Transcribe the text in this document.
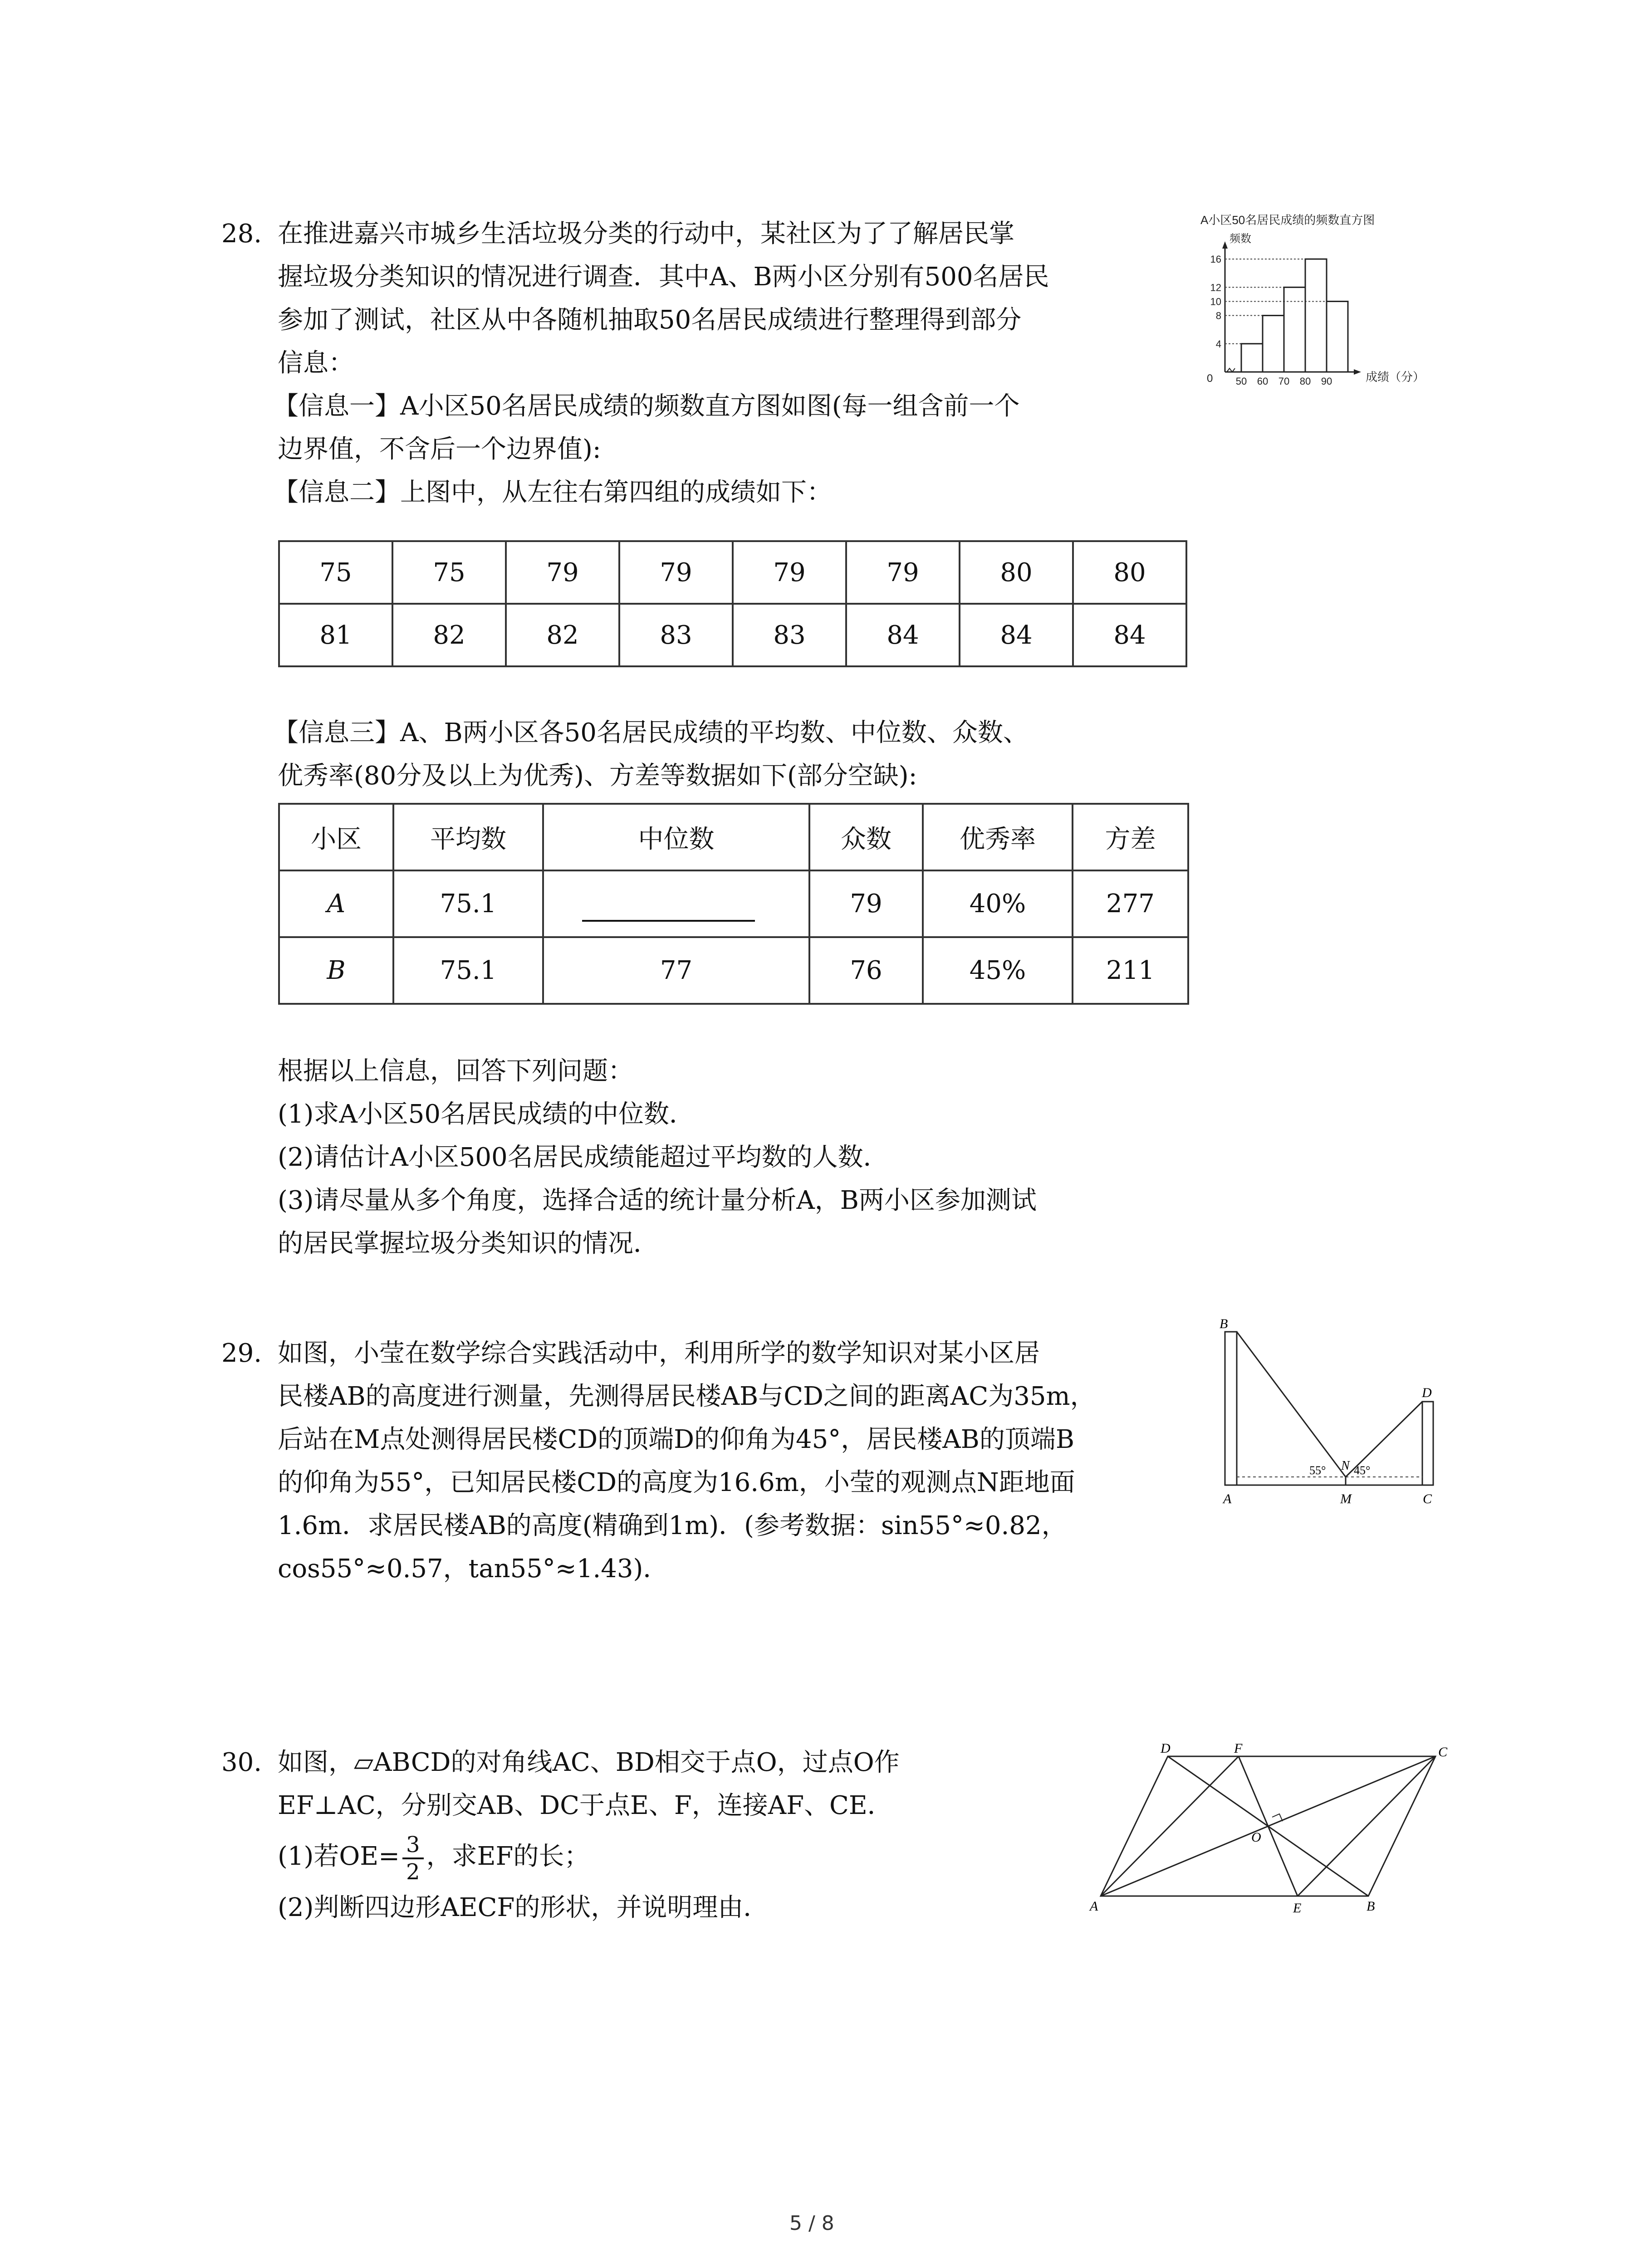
28. 在推进嘉兴市城乡生活垃圾分类的行动中，某社区为了了解居民掌
握垃圾分类知识的情况进行调查．其中A、B两小区分别有500名居民
参加了测试，社区从中各随机抽取50名居民成绩进行整理得到部分
信息：
【信息一】A小区50名居民成绩的频数直方图如图(每一组含前一个
边界值，不含后一个边界值):
【信息二】上图中，从左往右第四组的成绩如下：
A小区50名居民成绩的频数直方图
频数
成绩（分）
0
4
8
10
12
16
50 60 70 80 90
75	75	79	79	79	79	80	80
81	82	82	83	83	84	84	84
【信息三】A、B两小区各50名居民成绩的平均数、中位数、众数、
优秀率(80分及以上为优秀)、方差等数据如下(部分空缺):
小区	平均数	中位数	众数	优秀率	方差
A	75.1		79	40%	277
B	75.1	77	76	45%	211
根据以上信息，回答下列问题：
(1)求A小区50名居民成绩的中位数．
(2)请估计A小区500名居民成绩能超过平均数的人数．
(3)请尽量从多个角度，选择合适的统计量分析A，B两小区参加测试
的居民掌握垃圾分类知识的情况．
29. 如图，小莹在数学综合实践活动中，利用所学的数学知识对某小区居
民楼AB的高度进行测量，先测得居民楼AB与CD之间的距离AC为35m，
后站在M点处测得居民楼CD的顶端D的仰角为45°，居民楼AB的顶端B
的仰角为55°，已知居民楼CD的高度为16.6m，小莹的观测点N距地面
1.6m．求居民楼AB的高度(精确到1m)．(参考数据：sin55°≈0.82，
cos55°≈0.57，tan55°≈1.43)．
B
D
N
A	M	C
55° 45°
30. 如图，▱ABCD的对角线AC、BD相交于点O，过点O作
EF⊥AC，分别交AB、DC于点E、F，连接AF、CE．
(1)若$OE= \frac{3}{2}$ ，求EF的长；
(2)判断四边形AECF的形状，并说明理由．
D	F	C
O
A	E	B
5 / 8
